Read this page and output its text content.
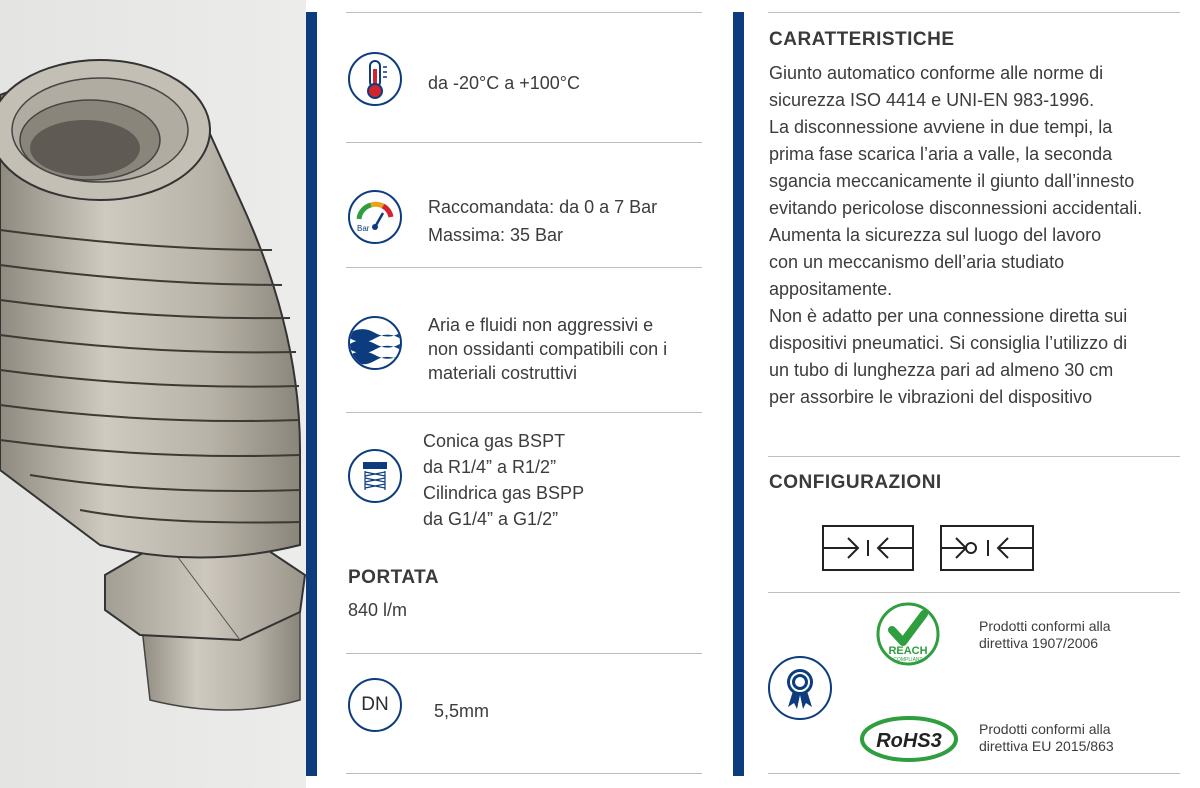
da -20°C a +100°C
Bar
Raccomandata: da 0 a 7 Bar
Massima: 35 Bar
Aria e fluidi non aggressivi e
non ossidanti compatibili con i
materiali costruttivi
Conica gas BSPT
da R1/4” a R1/2”
Cilindrica gas BSPP
da G1/4” a G1/2”
PORTATA
840 l/m
DN	5,5mm
CARATTERISTICHE
Giunto automatico conforme alle norme di
sicurezza ISO 4414 e UNI-EN 983-1996.
La disconnessione avviene in due tempi, la
prima fase scarica l’aria a valle, la seconda
sgancia meccanicamente il giunto dall’innesto
evitando pericolose disconnessioni accidentali.
Aumenta la sicurezza sul luogo del lavoro
con un meccanismo dell’aria studiato
appositamente.
Non è adatto per una connessione diretta sui
dispositivi pneumatici. Si consiglia l’utilizzo di
un tubo di lunghezza pari ad almeno 30 cm
per assorbire le vibrazioni del dispositivo
CONFIGURAZIONI
REACH
COMPLIANT
Prodotti conformi alla
direttiva 1907/2006
RoHS3
Prodotti conformi alla
direttiva EU 2015/863
